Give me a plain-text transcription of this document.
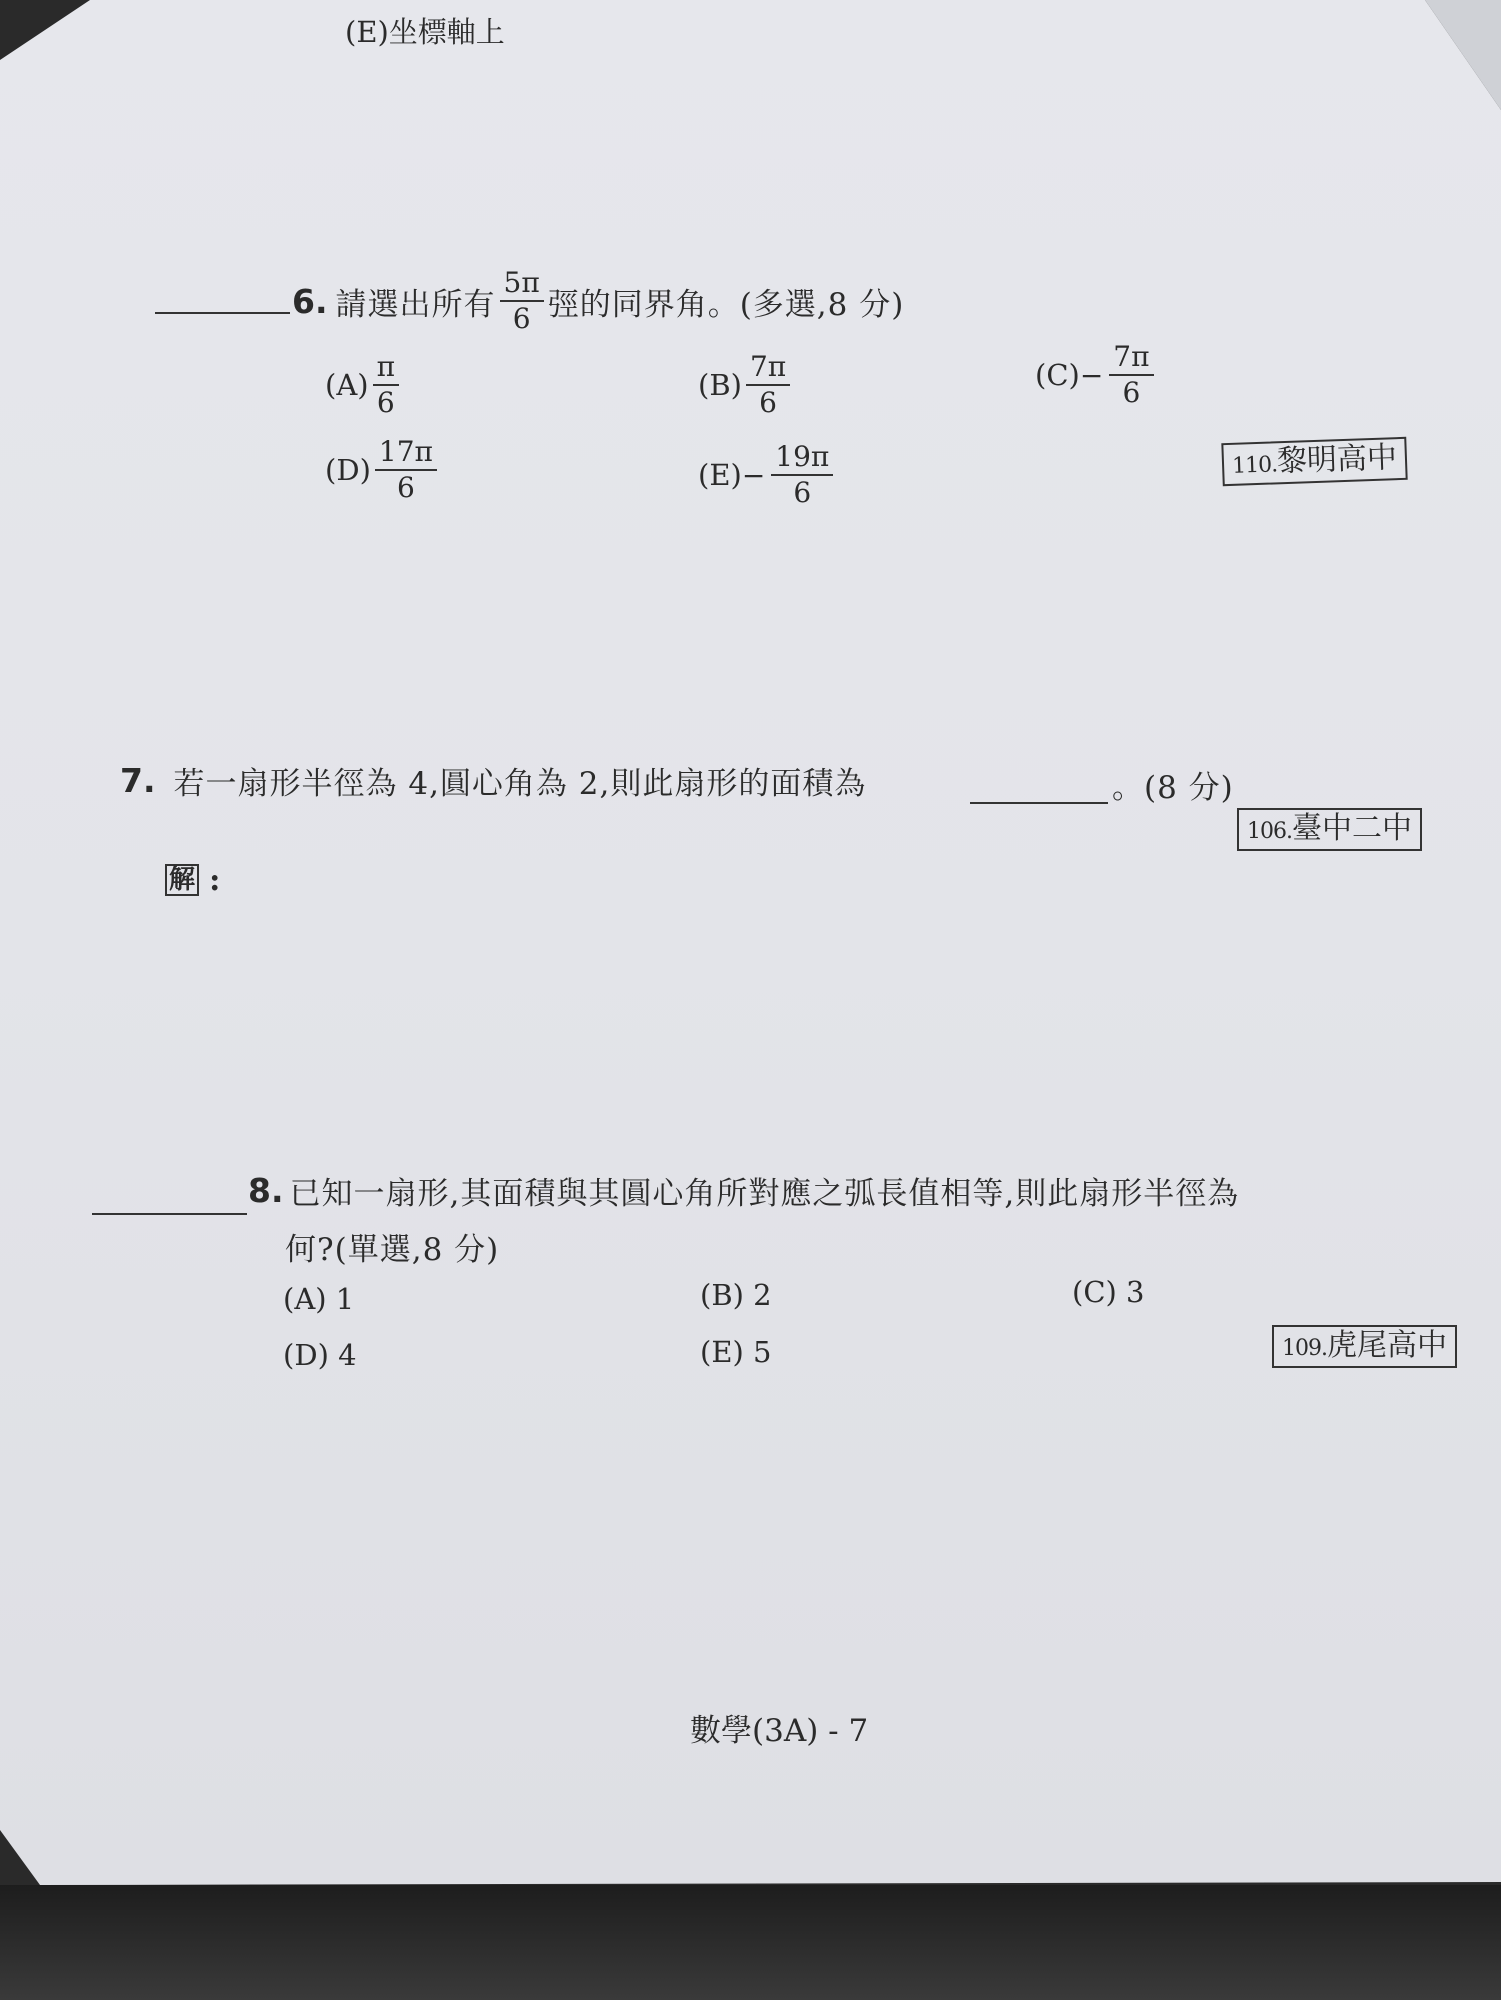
(E)坐標軸上
6. 請選出所有 $\frac{5\pi}{6}$ 弳的同界角。(多選,8 分)
$(A) \frac{\pi}{6}$	$(B) \frac{7\pi}{6}$	$(C) - \frac{7\pi}{6}$
$(D) \frac{17\pi}{6}$	$(E) - \frac{19\pi}{6}$	110.黎明高中
7. 若一扇形半徑為 4,圓心角為 2,則此扇形的面積為	。(8 分)
106.臺中二中
解 :
8. 已知一扇形,其面積與其圓心角所對應之弧長值相等,則此扇形半徑為
何?(單選,8 分)
(A) 1	(B) 2	(C) 3
(D) 4	(E) 5	109.虎尾高中
數學(3A) - 7
